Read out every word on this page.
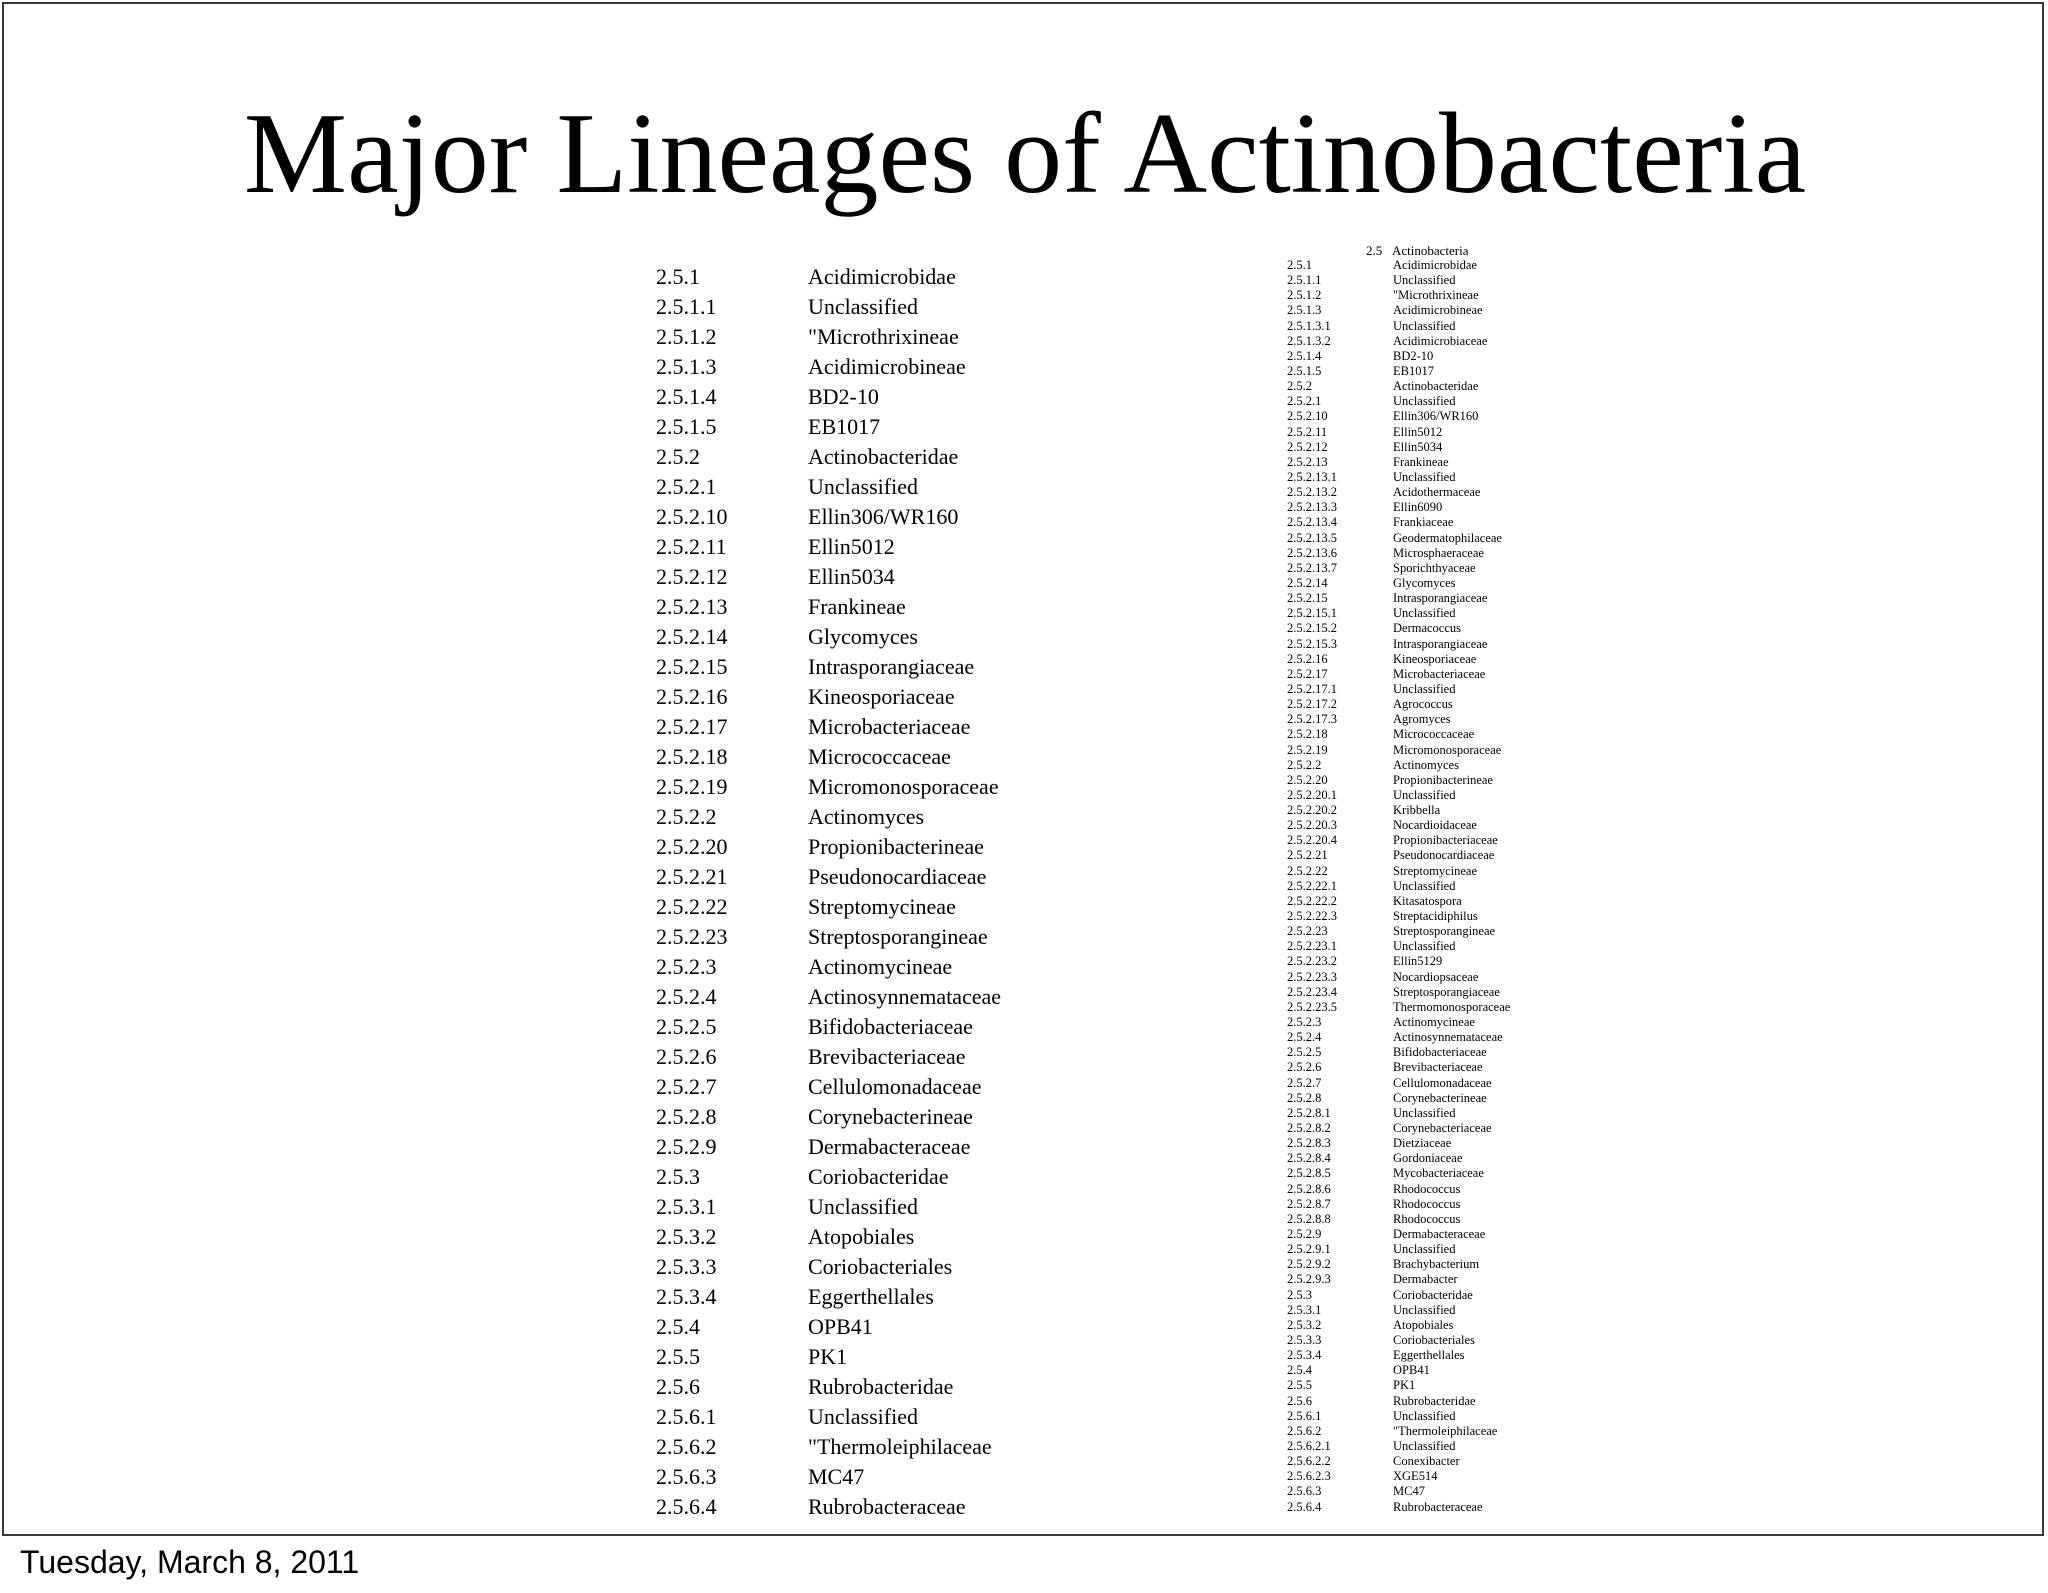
Major Lineages of Actinobacteria
2.5.1	Acidimicrobidae
2.5.1.1	Unclassified
2.5.1.2	"Microthrixineae
2.5.1.3	Acidimicrobineae
2.5.1.4	BD2-10
2.5.1.5	EB1017
2.5.2	Actinobacteridae
2.5.2.1	Unclassified
2.5.2.10	Ellin306/WR160
2.5.2.11	Ellin5012
2.5.2.12	Ellin5034
2.5.2.13	Frankineae
2.5.2.14	Glycomyces
2.5.2.15	Intrasporangiaceae
2.5.2.16	Kineosporiaceae
2.5.2.17	Microbacteriaceae
2.5.2.18	Micrococcaceae
2.5.2.19	Micromonosporaceae
2.5.2.2	Actinomyces
2.5.2.20	Propionibacterineae
2.5.2.21	Pseudonocardiaceae
2.5.2.22	Streptomycineae
2.5.2.23	Streptosporangineae
2.5.2.3	Actinomycineae
2.5.2.4	Actinosynnemataceae
2.5.2.5	Bifidobacteriaceae
2.5.2.6	Brevibacteriaceae
2.5.2.7	Cellulomonadaceae
2.5.2.8	Corynebacterineae
2.5.2.9	Dermabacteraceae
2.5.3	Coriobacteridae
2.5.3.1	Unclassified
2.5.3.2	Atopobiales
2.5.3.3	Coriobacteriales
2.5.3.4	Eggerthellales
2.5.4	OPB41
2.5.5	PK1
2.5.6	Rubrobacteridae
2.5.6.1	Unclassified
2.5.6.2	"Thermoleiphilaceae
2.5.6.3	MC47
2.5.6.4	Rubrobacteraceae
2.5 Actinobacteria
2.5.1	Acidimicrobidae
2.5.1.1	Unclassified
2.5.1.2	"Microthrixineae
2.5.1.3	Acidimicrobineae
2.5.1.3.1	Unclassified
2.5.1.3.2	Acidimicrobiaceae
2.5.1.4	BD2-10
2.5.1.5	EB1017
2.5.2	Actinobacteridae
2.5.2.1	Unclassified
2.5.2.10	Ellin306/WR160
2.5.2.11	Ellin5012
2.5.2.12	Ellin5034
2.5.2.13	Frankineae
2.5.2.13.1	Unclassified
2.5.2.13.2	Acidothermaceae
2.5.2.13.3	Ellin6090
2.5.2.13.4	Frankiaceae
2.5.2.13.5	Geodermatophilaceae
2.5.2.13.6	Microsphaeraceae
2.5.2.13.7	Sporichthyaceae
2.5.2.14	Glycomyces
2.5.2.15	Intrasporangiaceae
2.5.2.15.1	Unclassified
2.5.2.15.2	Dermacoccus
2.5.2.15.3	Intrasporangiaceae
2.5.2.16	Kineosporiaceae
2.5.2.17	Microbacteriaceae
2.5.2.17.1	Unclassified
2.5.2.17.2	Agrococcus
2.5.2.17.3	Agromyces
2.5.2.18	Micrococcaceae
2.5.2.19	Micromonosporaceae
2.5.2.2	Actinomyces
2.5.2.20	Propionibacterineae
2.5.2.20.1	Unclassified
2.5.2.20.2	Kribbella
2.5.2.20.3	Nocardioidaceae
2.5.2.20.4	Propionibacteriaceae
2.5.2.21	Pseudonocardiaceae
2.5.2.22	Streptomycineae
2.5.2.22.1	Unclassified
2.5.2.22.2	Kitasatospora
2.5.2.22.3	Streptacidiphilus
2.5.2.23	Streptosporangineae
2.5.2.23.1	Unclassified
2.5.2.23.2	Ellin5129
2.5.2.23.3	Nocardiopsaceae
2.5.2.23.4	Streptosporangiaceae
2.5.2.23.5	Thermomonosporaceae
2.5.2.3	Actinomycineae
2.5.2.4	Actinosynnemataceae
2.5.2.5	Bifidobacteriaceae
2.5.2.6	Brevibacteriaceae
2.5.2.7	Cellulomonadaceae
2.5.2.8	Corynebacterineae
2.5.2.8.1	Unclassified
2.5.2.8.2	Corynebacteriaceae
2.5.2.8.3	Dietziaceae
2.5.2.8.4	Gordoniaceae
2.5.2.8.5	Mycobacteriaceae
2.5.2.8.6	Rhodococcus
2.5.2.8.7	Rhodococcus
2.5.2.8.8	Rhodococcus
2.5.2.9	Dermabacteraceae
2.5.2.9.1	Unclassified
2.5.2.9.2	Brachybacterium
2.5.2.9.3	Dermabacter
2.5.3	Coriobacteridae
2.5.3.1	Unclassified
2.5.3.2	Atopobiales
2.5.3.3	Coriobacteriales
2.5.3.4	Eggerthellales
2.5.4	OPB41
2.5.5	PK1
2.5.6	Rubrobacteridae
2.5.6.1	Unclassified
2.5.6.2	"Thermoleiphilaceae
2.5.6.2.1	Unclassified
2.5.6.2.2	Conexibacter
2.5.6.2.3	XGE514
2.5.6.3	MC47
2.5.6.4	Rubrobacteraceae
Tuesday, March 8, 2011
